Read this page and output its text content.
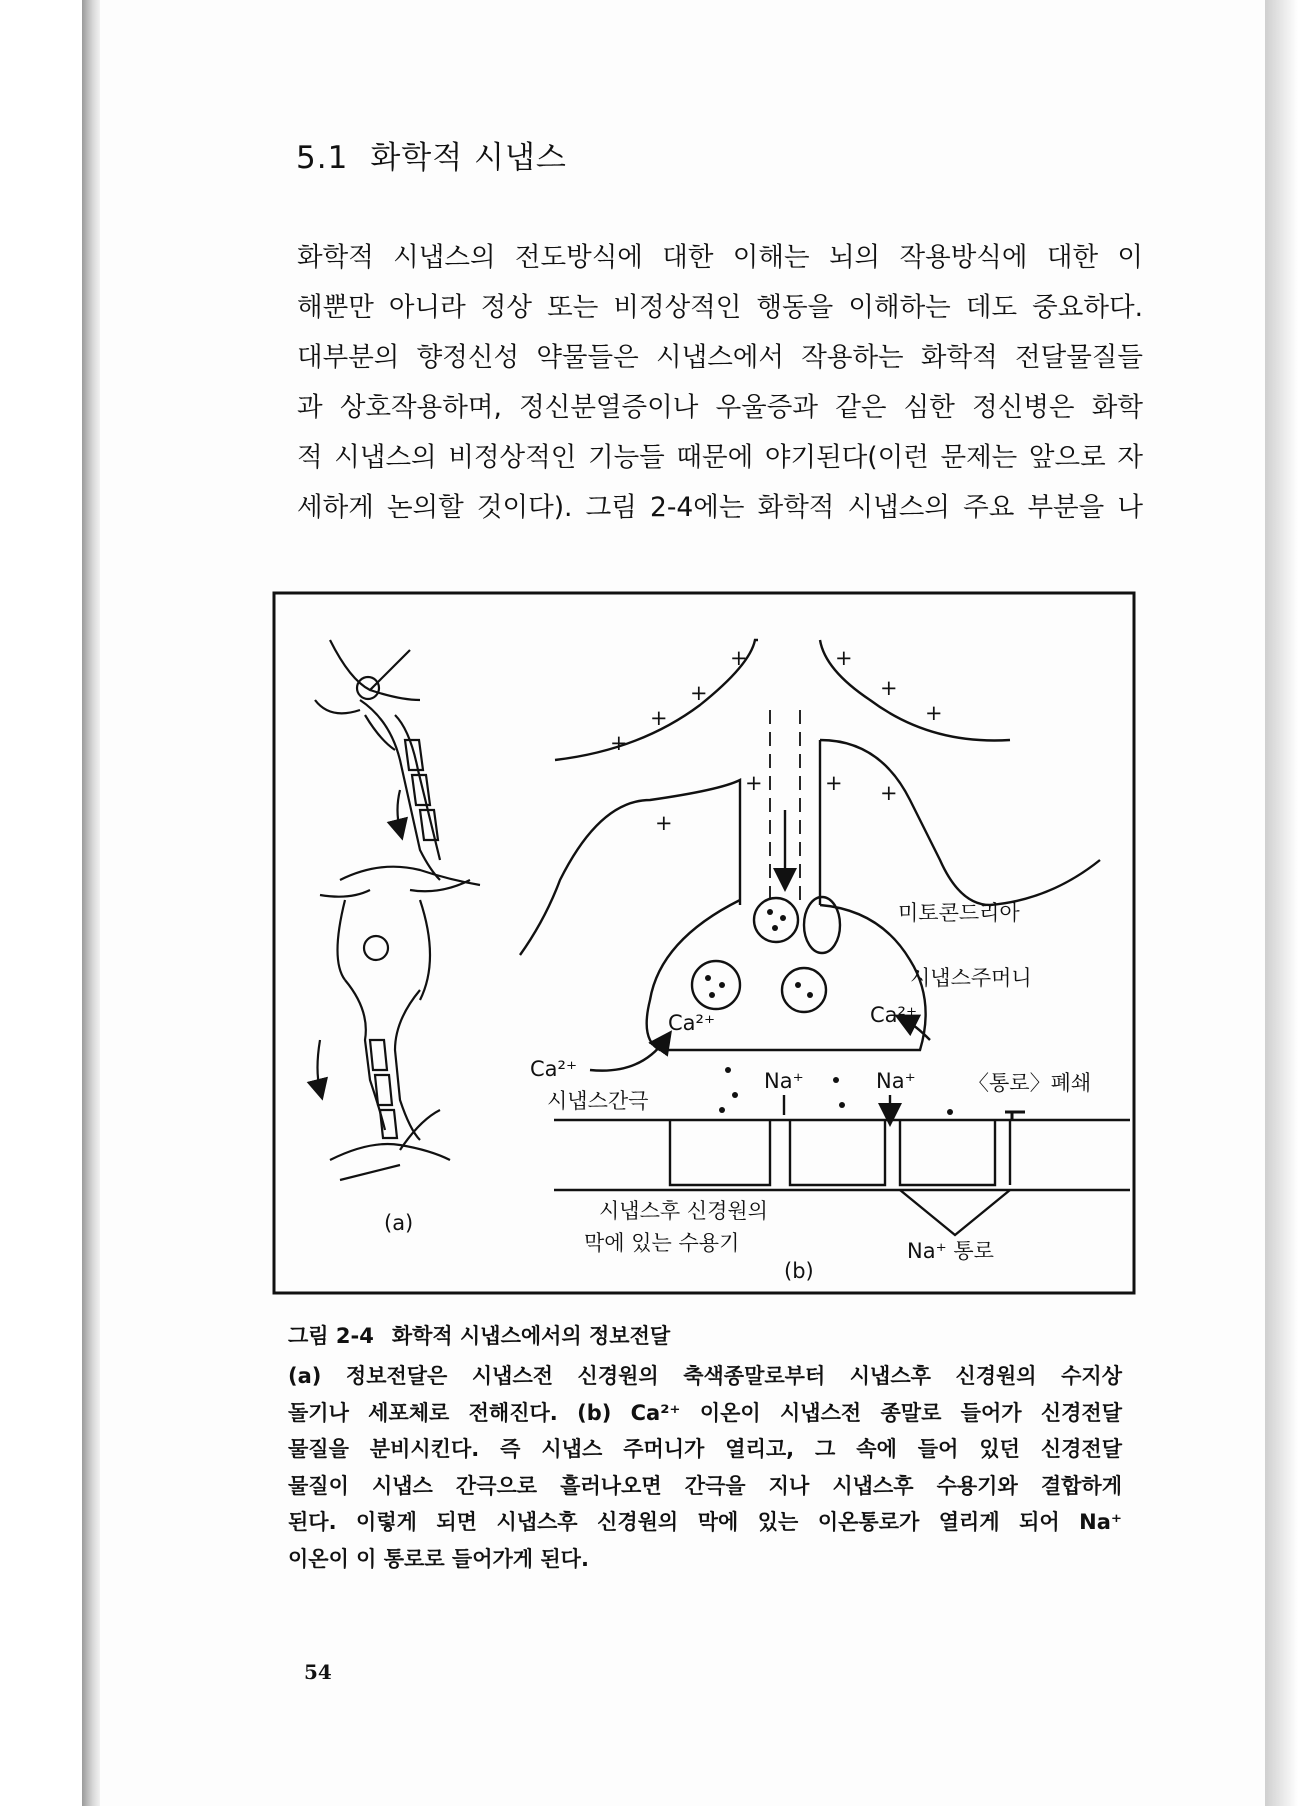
5.1 화학적 시냅스
화학적 시냅스의 전도방식에 대한 이해는 뇌의 작용방식에 대한 이
해뿐만 아니라 정상 또는 비정상적인 행동을 이해하는 데도 중요하다.
대부분의 향정신성 약물들은 시냅스에서 작용하는 화학적 전달물질들
과 상호작용하며, 정신분열증이나 우울증과 같은 심한 정신병은 화학
적 시냅스의 비정상적인 기능들 때문에 야기된다(이런 문제는 앞으로 자
세하게 논의할 것이다). 그림 2-4에는 화학적 시냅스의 주요 부분을 나
+
+
+
+	+
+
+
+	+
+
+
미토콘드리아
시냅스주머니
Ca²⁺	Ca²⁺
Ca²⁺	Na⁺	Na⁺ 〈통로〉폐쇄
시냅스간극
시냅스후 신경원의
막에 있는 수용기	Na⁺ 통로
(a)
(b)
그림 2-4 화학적 시냅스에서의 정보전달
(a) 정보전달은 시냅스전 신경원의 축색종말로부터 시냅스후 신경원의 수지상
돌기나 세포체로 전해진다. (b) Ca²⁺ 이온이 시냅스전 종말로 들어가 신경전달
물질을 분비시킨다. 즉 시냅스 주머니가 열리고, 그 속에 들어 있던 신경전달
물질이 시냅스 간극으로 흘러나오면 간극을 지나 시냅스후 수용기와 결합하게
된다. 이렇게 되면 시냅스후 신경원의 막에 있는 이온통로가 열리게 되어 Na⁺
이온이 이 통로로 들어가게 된다.
54
